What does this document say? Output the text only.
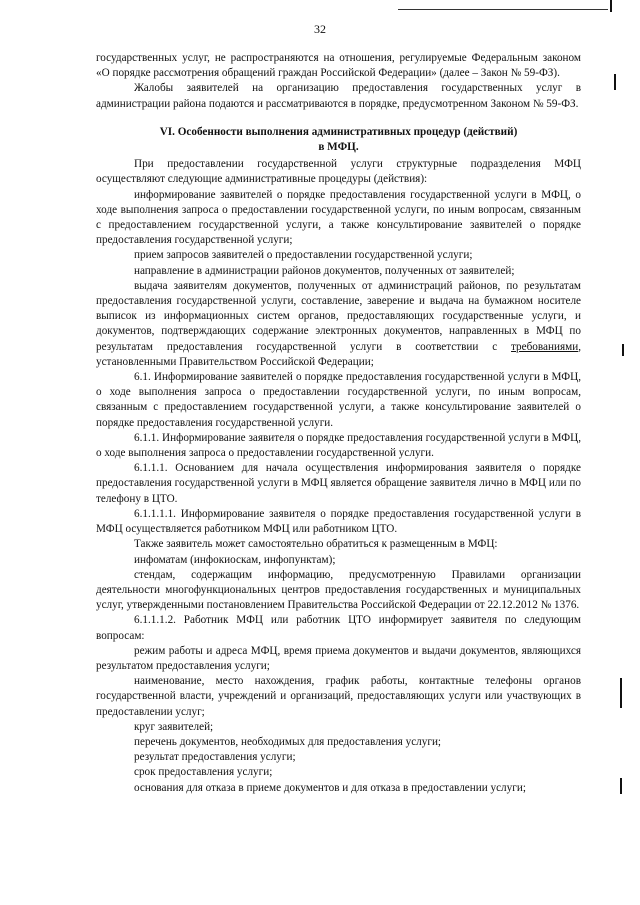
32

государственных услуг, не распространяются на отношения, регулируемые Федеральным законом «О порядке рассмотрения обращений граждан Российской Федерации» (далее – Закон № 59-ФЗ).

Жалобы заявителей на организацию предоставления государственных услуг в администрации района подаются и рассматриваются в порядке, предусмотренном Законом № 59-ФЗ.

VI. Особенности выполнения административных процедур (действий)

в МФЦ.

При предоставлении государственной услуги структурные подразделения МФЦ осуществляют следующие административные процедуры (действия):

информирование заявителей о порядке предоставления государственной услуги в МФЦ, о ходе выполнения запроса о предоставлении государственной услуги, по иным вопросам, связанным с предоставлением государственной услуги, а также консультирование заявителей о порядке предоставления государственной услуги;

прием запросов заявителей о предоставлении государственной услуги;

направление в администрации районов документов, полученных от заявителей;

выдача заявителям документов, полученных от администраций районов, по результатам предоставления государственной услуги, составление, заверение и выдача на бумажном носителе выписок из информационных систем органов, предоставляющих государственные услуги, и документов, подтверждающих содержание электронных документов, направленных в МФЦ по результатам предоставления государственной услуги в соответствии с требованиями, установленными Правительством Российской Федерации;

6.1. Информирование заявителей о порядке предоставления государственной услуги в МФЦ, о ходе выполнения запроса о предоставлении государственной услуги, по иным вопросам, связанным с предоставлением государственной услуги, а также консультирование заявителей о порядке предоставления государственной услуги.

6.1.1. Информирование заявителя о порядке предоставления государственной услуги в МФЦ, о ходе выполнения запроса о предоставлении государственной услуги.

6.1.1.1. Основанием для начала осуществления информирования заявителя о порядке предоставления государственной услуги в МФЦ является обращение заявителя лично в МФЦ или по телефону в ЦТО.

6.1.1.1.1. Информирование заявителя о порядке предоставления государственной услуги в МФЦ осуществляется работником МФЦ или работником ЦТО.

Также заявитель может самостоятельно обратиться к размещенным в МФЦ:

инфоматам (инфокиоскам, инфопунктам);

стендам, содержащим информацию, предусмотренную Правилами организации деятельности многофункциональных центров предоставления государственных и муниципальных услуг, утвержденными постановлением Правительства Российской Федерации от 22.12.2012 № 1376.

6.1.1.1.2. Работник МФЦ или работник ЦТО информирует заявителя по следующим вопросам:

режим работы и адреса МФЦ, время приема документов и выдачи документов, являющихся результатом предоставления услуги;

наименование, место нахождения, график работы, контактные телефоны органов государственной власти, учреждений и организаций, предоставляющих услуги или участвующих в предоставлении услуг;

круг заявителей;

перечень документов, необходимых для предоставления услуги;

результат предоставления услуги;

срок предоставления услуги;

основания для отказа в приеме документов и для отказа в предоставлении услуги;
